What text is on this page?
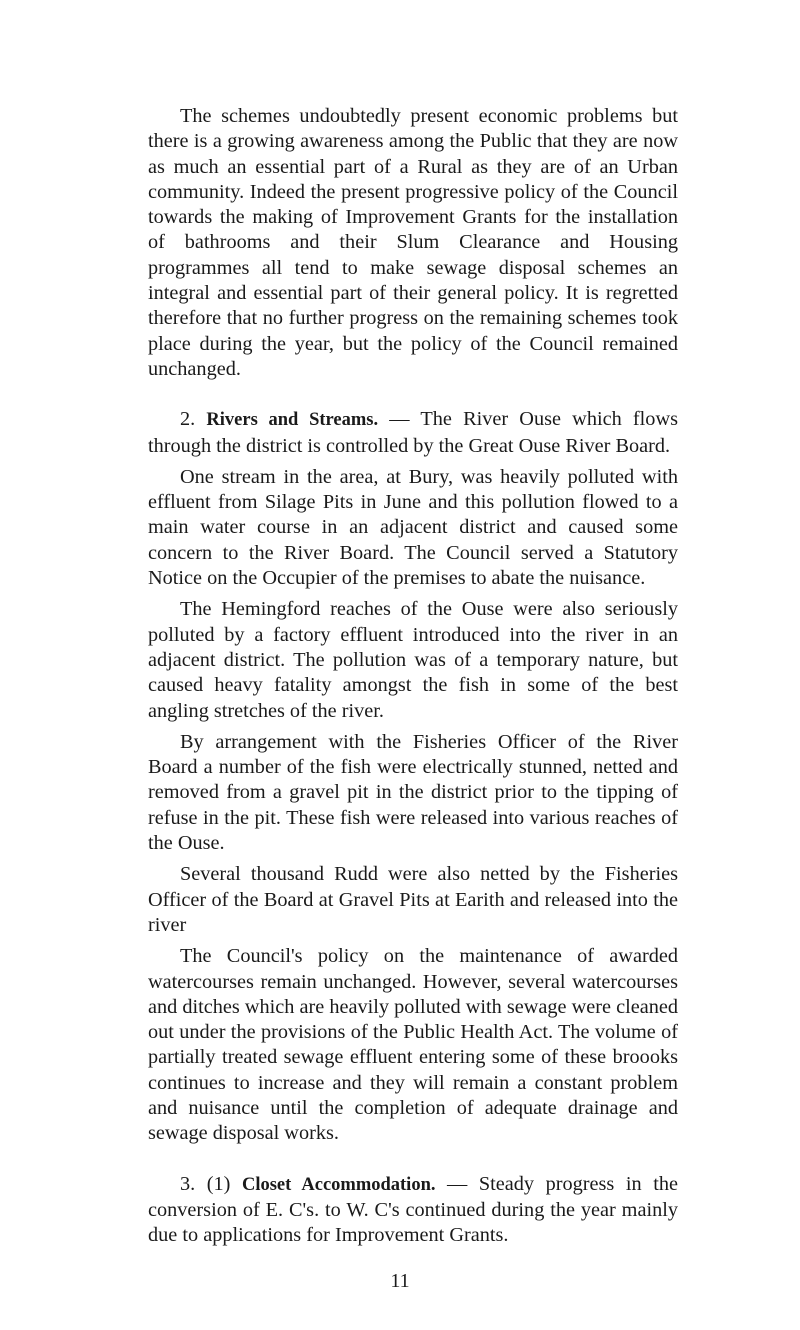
The schemes undoubtedly present economic problems but there is a growing awareness among the Public that they are now as much an essential part of a Rural as they are of an Urban community. Indeed the present progressive policy of the Council towards the making of Improvement Grants for the installation of bathrooms and their Slum Clearance and Housing programmes all tend to make sewage disposal schemes an integral and essential part of their general policy. It is regretted therefore that no further progress on the remaining schemes took place during the year, but the policy of the Council remained unchanged.

2. Rivers and Streams. — The River Ouse which flows through the district is controlled by the Great Ouse River Board.

One stream in the area, at Bury, was heavily polluted with effluent from Silage Pits in June and this pollution flowed to a main water course in an adjacent district and caused some concern to the River Board. The Council served a Statutory Notice on the Occupier of the premises to abate the nuisance.

The Hemingford reaches of the Ouse were also seriously polluted by a factory effluent introduced into the river in an adjacent district. The pollution was of a temporary nature, but caused heavy fatality amongst the fish in some of the best angling stretches of the river.

By arrangement with the Fisheries Officer of the River Board a number of the fish were electrically stunned, netted and removed from a gravel pit in the district prior to the tipping of refuse in the pit. These fish were released into various reaches of the Ouse.

Several thousand Rudd were also netted by the Fisheries Officer of the Board at Gravel Pits at Earith and released into the river

The Council's policy on the maintenance of awarded watercourses remain unchanged. However, several watercourses and ditches which are heavily polluted with sewage were cleaned out under the provisions of the Public Health Act. The volume of partially treated sewage effluent entering some of these broooks continues to increase and they will remain a constant problem and nuisance until the completion of adequate drainage and sewage disposal works.

3. (1) Closet Accommodation. — Steady progress in the conversion of E. C's. to W. C's continued during the year mainly due to applications for Improvement Grants.

11
